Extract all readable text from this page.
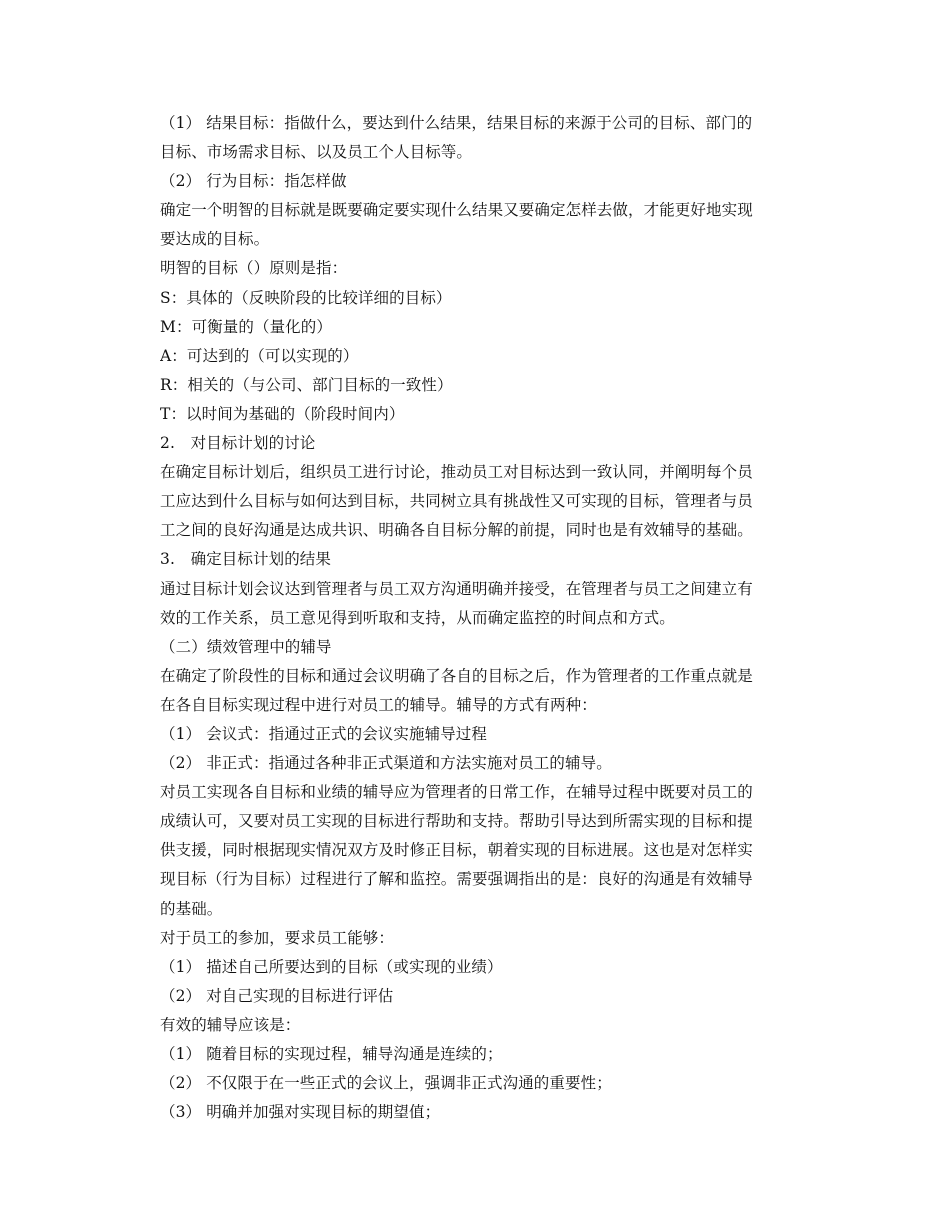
（1） 结果目标：指做什么，要达到什么结果，结果目标的来源于公司的目标、部门的
目标、市场需求目标、以及员工个人目标等。
（2） 行为目标：指怎样做
确定一个明智的目标就是既要确定要实现什么结果又要确定怎样去做，才能更好地实现
要达成的目标。
明智的目标（）原则是指：
S：具体的（反映阶段的比较详细的目标）
M：可衡量的（量化的）
A：可达到的（可以实现的）
R：相关的（与公司、部门目标的一致性）
T：以时间为基础的（阶段时间内）
2.　对目标计划的讨论
在确定目标计划后，组织员工进行讨论，推动员工对目标达到一致认同，并阐明每个员
工应达到什么目标与如何达到目标，共同树立具有挑战性又可实现的目标，管理者与员
工之间的良好沟通是达成共识、明确各自目标分解的前提，同时也是有效辅导的基础。
3.　确定目标计划的结果
通过目标计划会议达到管理者与员工双方沟通明确并接受，在管理者与员工之间建立有
效的工作关系，员工意见得到听取和支持，从而确定监控的时间点和方式。
（二）绩效管理中的辅导
在确定了阶段性的目标和通过会议明确了各自的目标之后，作为管理者的工作重点就是
在各自目标实现过程中进行对员工的辅导。辅导的方式有两种：
（1） 会议式：指通过正式的会议实施辅导过程
（2） 非正式：指通过各种非正式渠道和方法实施对员工的辅导。
对员工实现各自目标和业绩的辅导应为管理者的日常工作，在辅导过程中既要对员工的
成绩认可，又要对员工实现的目标进行帮助和支持。帮助引导达到所需实现的目标和提
供支援，同时根据现实情况双方及时修正目标，朝着实现的目标进展。这也是对怎样实
现目标（行为目标）过程进行了解和监控。需要强调指出的是：良好的沟通是有效辅导
的基础。
对于员工的参加，要求员工能够：
（1） 描述自己所要达到的目标（或实现的业绩）
（2） 对自己实现的目标进行评估
有效的辅导应该是：
（1） 随着目标的实现过程，辅导沟通是连续的；
（2） 不仅限于在一些正式的会议上，强调非正式沟通的重要性；
（3） 明确并加强对实现目标的期望值；
